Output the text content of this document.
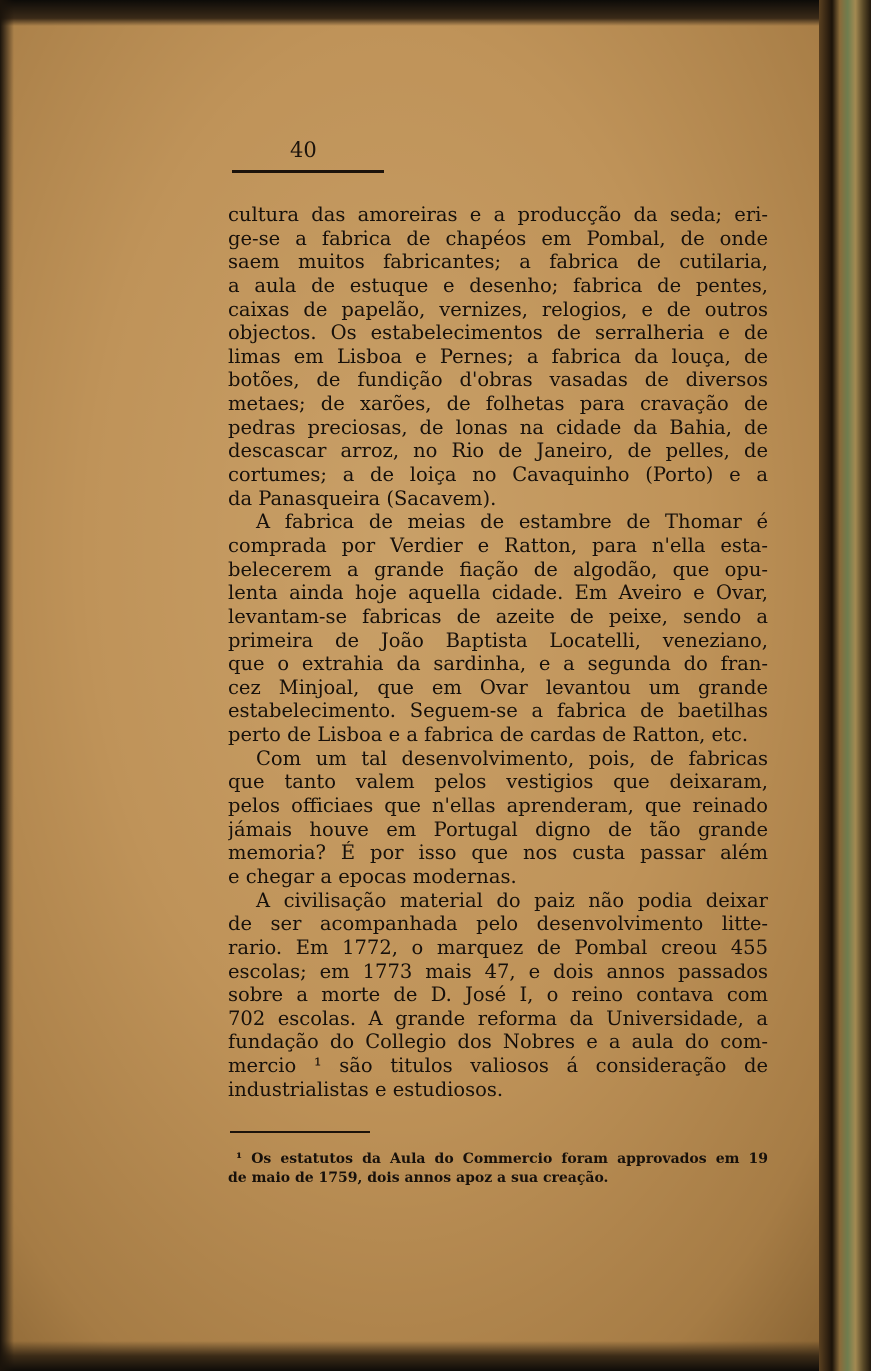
40
cultura das amoreiras e a producção da seda; eri-
ge-se a fabrica de chapéos em Pombal, de onde
saem muitos fabricantes; a fabrica de cutilaria,
a aula de estuque e desenho; fabrica de pentes,
caixas de papelão, vernizes, relogios, e de outros
objectos. Os estabelecimentos de serralheria e de
limas em Lisboa e Pernes; a fabrica da louça, de
botões, de fundição d'obras vasadas de diversos
metaes; de xarões, de folhetas para cravação de
pedras preciosas, de lonas na cidade da Bahia, de
descascar arroz, no Rio de Janeiro, de pelles, de
cortumes; a de loiça no Cavaquinho (Porto) e a
da Panasqueira (Sacavem).
A fabrica de meias de estambre de Thomar é
comprada por Verdier e Ratton, para n'ella esta-
belecerem a grande fiação de algodão, que opu-
lenta ainda hoje aquella cidade. Em Aveiro e Ovar,
levantam-se fabricas de azeite de peixe, sendo a
primeira de João Baptista Locatelli, veneziano,
que o extrahia da sardinha, e a segunda do fran-
cez Minjoal, que em Ovar levantou um grande
estabelecimento. Seguem-se a fabrica de baetilhas
perto de Lisboa e a fabrica de cardas de Ratton, etc.
Com um tal desenvolvimento, pois, de fabricas
que tanto valem pelos vestigios que deixaram,
pelos officiaes que n'ellas aprenderam, que reinado
jámais houve em Portugal digno de tão grande
memoria? É por isso que nos custa passar além
e chegar a epocas modernas.
A civilisação material do paiz não podia deixar
de ser acompanhada pelo desenvolvimento litte-
rario. Em 1772, o marquez de Pombal creou 455
escolas; em 1773 mais 47, e dois annos passados
sobre a morte de D. José I, o reino contava com
702 escolas. A grande reforma da Universidade, a
fundação do Collegio dos Nobres e a aula do com-
mercio ¹ são titulos valiosos á consideração de
industrialistas e estudiosos.
¹ Os estatutos da Aula do Commercio foram approvados em 19
de maio de 1759, dois annos apoz a sua creação.
